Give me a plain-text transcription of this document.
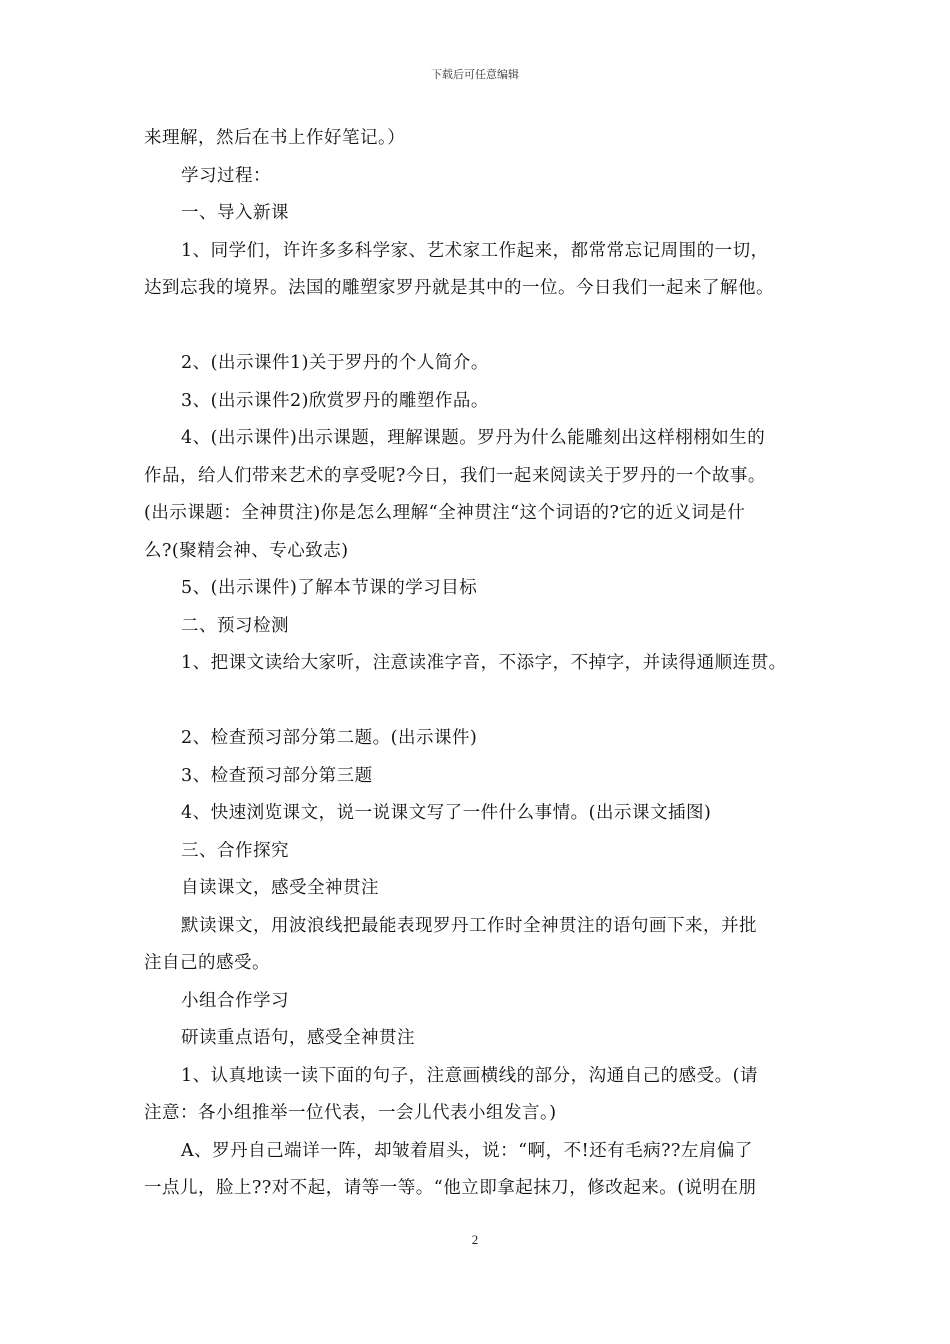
下载后可任意编辑
来理解，然后在书上作好笔记。）
学习过程：
一、导入新课
1、同学们，许许多多科学家、艺术家工作起来，都常常忘记周围的一切，
达到忘我的境界。法国的雕塑家罗丹就是其中的一位。今日我们一起来了解他。
2、(出示课件1)关于罗丹的个人简介。
3、(出示课件2)欣赏罗丹的雕塑作品。
4、(出示课件)出示课题，理解课题。罗丹为什么能雕刻出这样栩栩如生的
作品，给人们带来艺术的享受呢?今日，我们一起来阅读关于罗丹的一个故事。
(出示课题：全神贯注)你是怎么理解“全神贯注“这个词语的?它的近义词是什
么?(聚精会神、专心致志)
5、(出示课件)了解本节课的学习目标
二、预习检测
1、把课文读给大家听，注意读准字音，不添字，不掉字，并读得通顺连贯。
2、检查预习部分第二题。(出示课件)
3、检查预习部分第三题
4、快速浏览课文，说一说课文写了一件什么事情。(出示课文插图)
三、合作探究
自读课文，感受全神贯注
默读课文，用波浪线把最能表现罗丹工作时全神贯注的语句画下来，并批
注自己的感受。
小组合作学习
研读重点语句，感受全神贯注
1、认真地读一读下面的句子，注意画横线的部分，沟通自己的感受。(请
注意：各小组推举一位代表，一会儿代表小组发言。)
A、罗丹自己端详一阵，却皱着眉头，说：“啊，不!还有毛病??左肩偏了
一点儿，脸上??对不起，请等一等。“他立即拿起抹刀，修改起来。(说明在朋
2
